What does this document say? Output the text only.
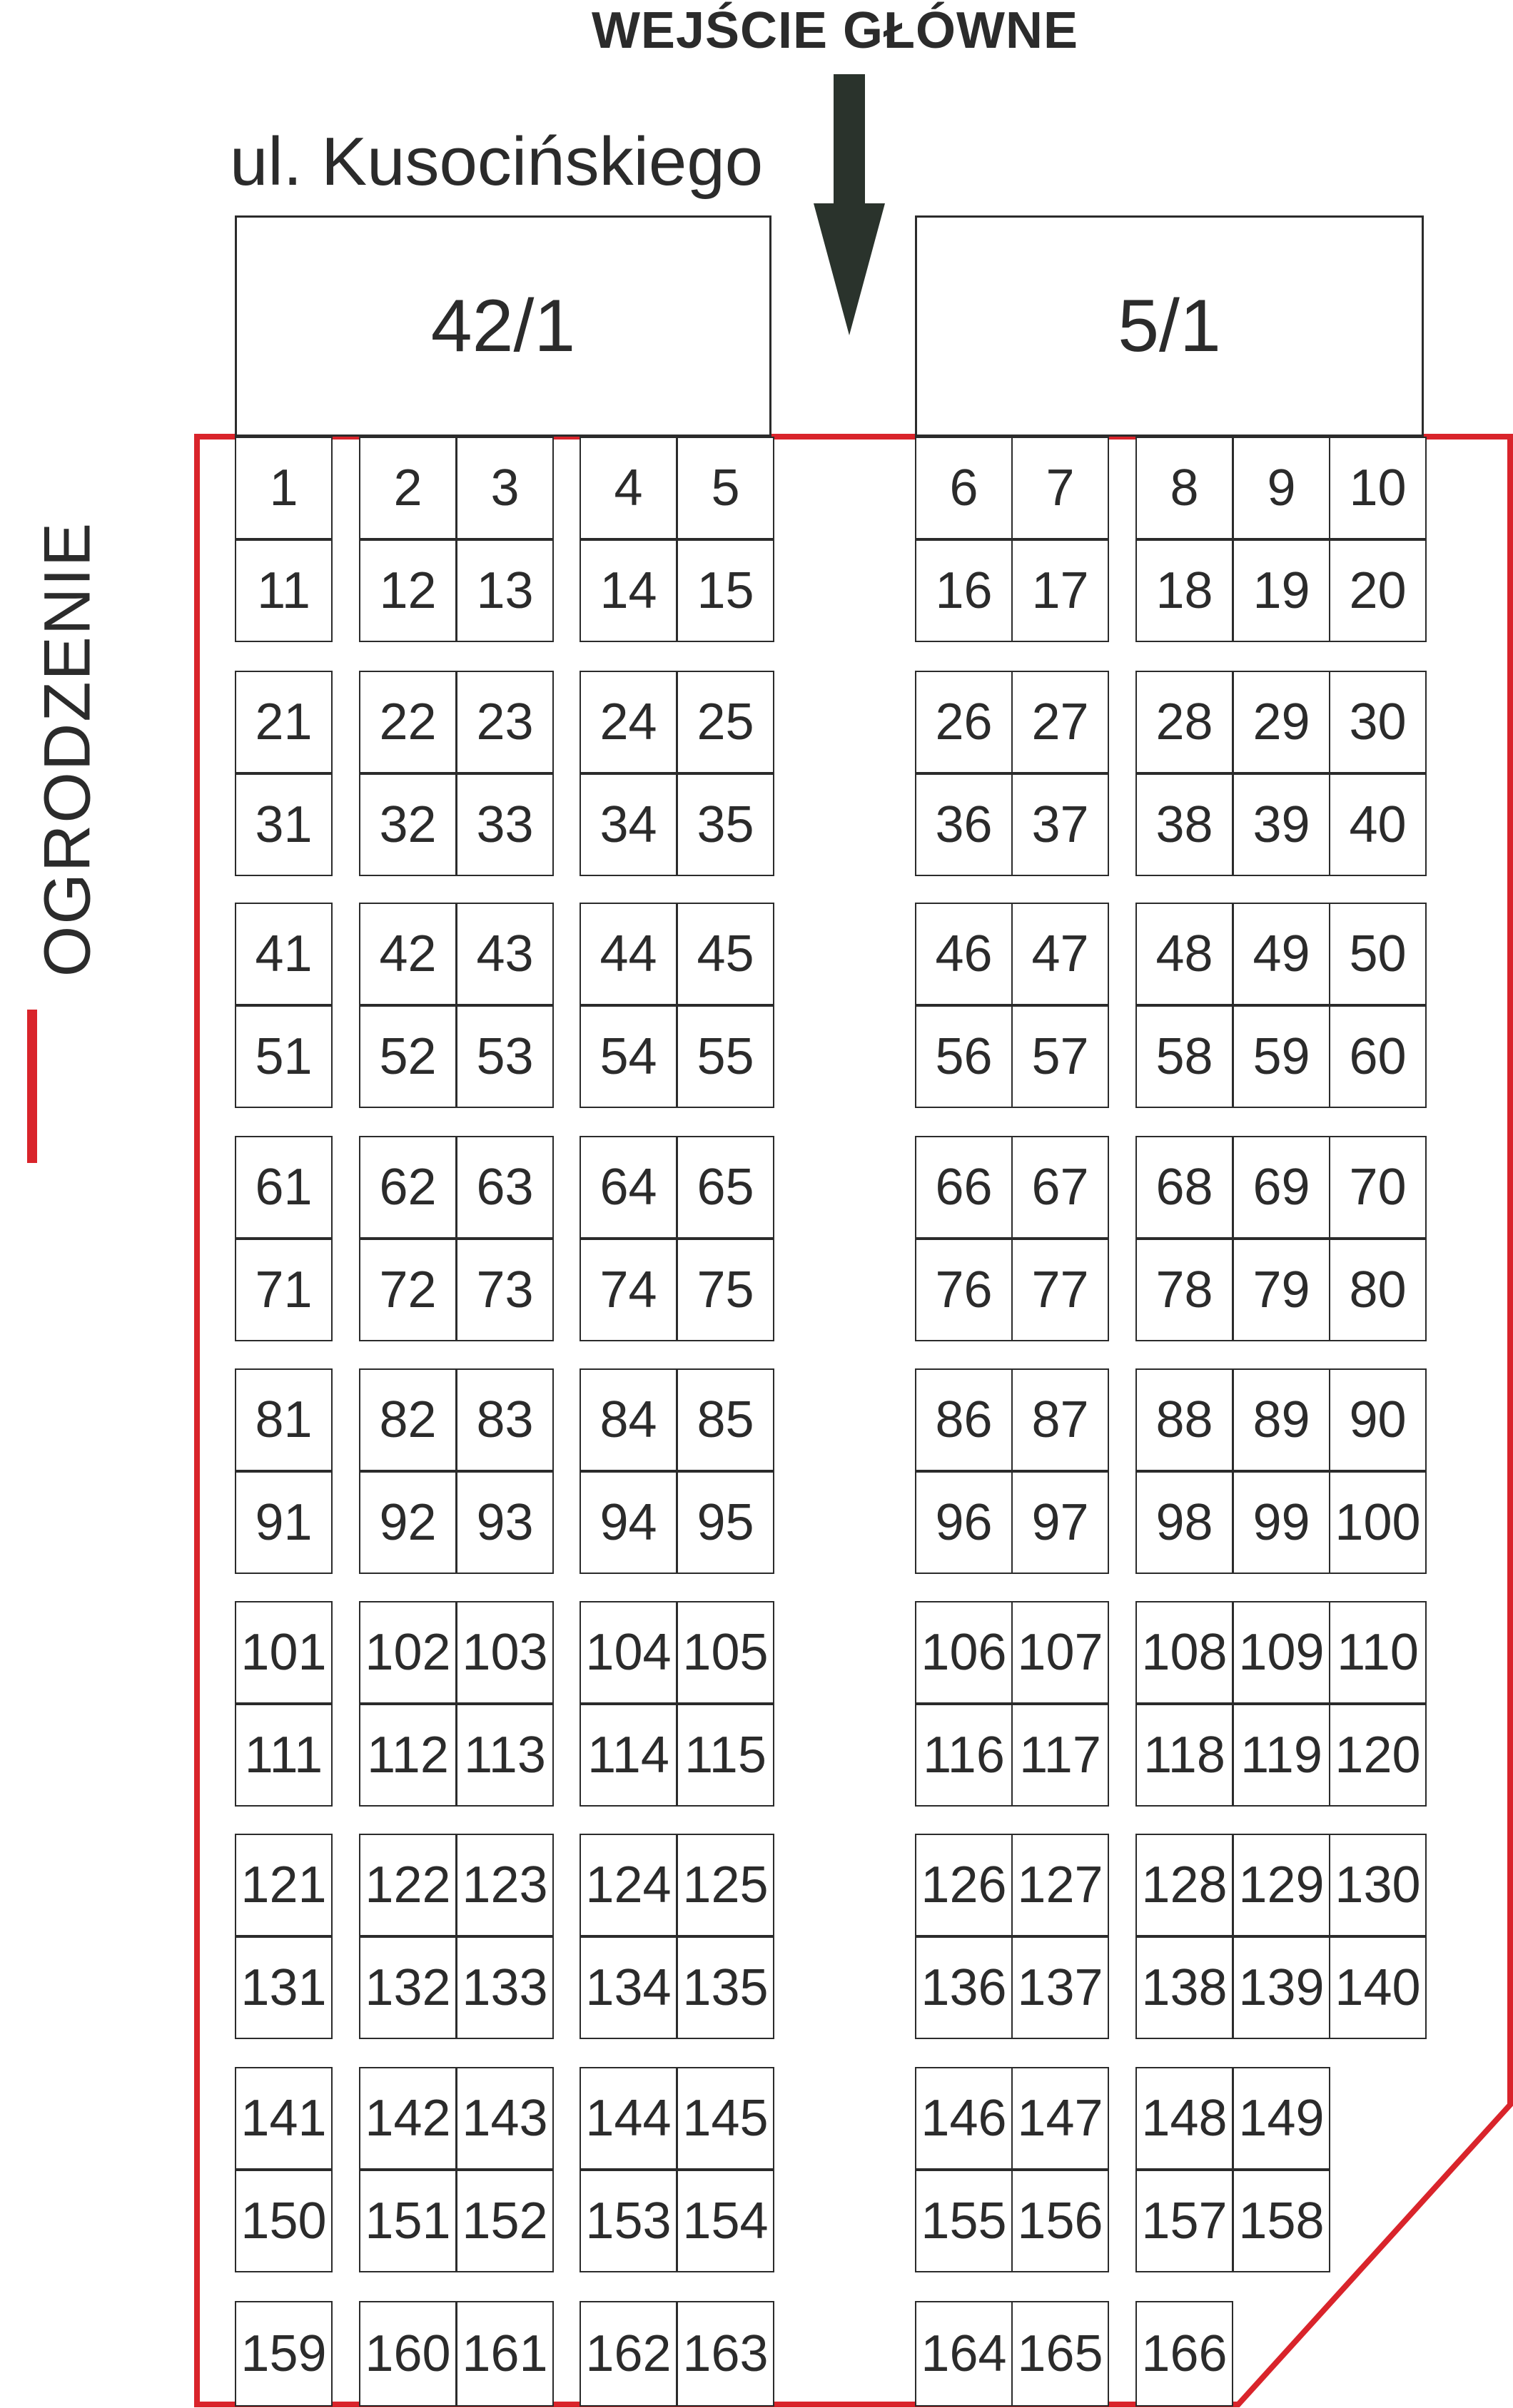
WEJŚCIE GŁÓWNE
ul. Kusocińskiego
42/1	5/1
OGRODZENIE
1	2	3	4	5	6	7	8	9	10
11	12 13	14 15	16 17	18 19 20
21	22 23	24 25	26 27	28 29 30
31	32 33	34 35	36 37	38 39 40
41	42 43	44 45	46 47	48 49 50
51	52 53	54 55	56 57	58 59 60
61	62 63	64 65	66 67	68 69 70
71	72 73	74 75	76 77	78 79 80
81	82 83	84 85	86 87	88 89 90
91	92 93	94 95	96 97	98 99 100
101 102 103 104 105	106 107 108 109 110
111 112 113 114 115	116 117 118 119 120
121 122 123 124 125	126 127 128 129 130
131 132 133 134 135	136 137 138 139 140
141 142 143 144 145	146 147 148 149
150 151 152 153 154	155 156 157 158
159 160 161 162 163	164 165 166
